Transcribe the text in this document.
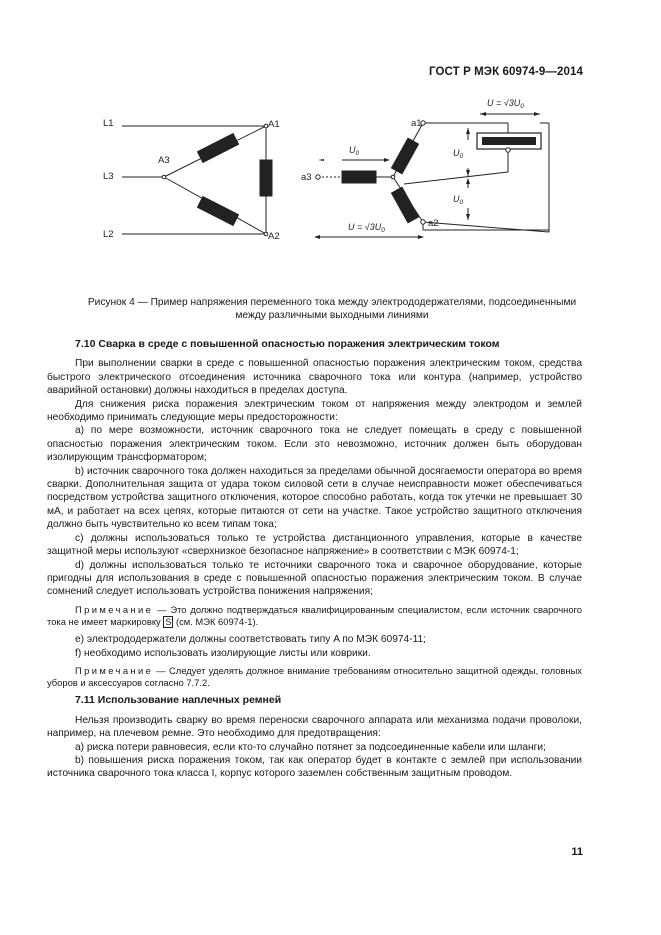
ГОСТ Р МЭК 60974-9—2014
L1
L3
L2
A1
A2
A3
a1
a2
a3
$U_0$	$U_0$
$U_0$
$U = √3U_0$
$U = √3U_0$
Рисунок 4 — Пример напряжения переменного тока между электрододержателями, подсоединенными
между различными выходными линиями
7.10 Сварка в среде с повышенной опасностью поражения электрическим током

При выполнении сварки в среде с повышенной опасностью поражения электрическим током, средства быстрого электрического отсоединения источника сварочного тока или контура (например, устройство аварийной остановки) должны находиться в пределах доступа.

Для снижения риска поражения электрическим током от напряжения между электродом и землей необходимо принимать следующие меры предосторожности:

a) по мере возможности, источник сварочного тока не следует помещать в среду с повышенной опасностью поражения электрическим током. Если это невозможно, источник должен быть оборудован изолирующим трансформатором;

b) источник сварочного тока должен находиться за пределами обычной досягаемости оператора во время сварки. Дополнительная защита от удара током силовой сети в случае неисправности может обеспечиваться посредством устройства защитного отключения, которое способно работать, когда ток утечки не превышает 30 мА, и работает на всех цепях, которые питаются от сети на участке. Такое устройство защитного отключения должно быть чувствительно ко всем типам тока;

c) должны использоваться только те устройства дистанционного управления, которые в качестве защитной меры используют «сверхнизкое безопасное напряжение» в соответствии с МЭК 60974-1;

d) должны использоваться только те источники сварочного тока и сварочное оборудование, которые пригодны для использования в среде с повышенной опасностью поражения электрическим током. В случае сомнений следует использовать устройства понижения напряжения;

Примечание — Это должно подтверждаться квалифицированным специалистом, если источник сварочного тока не имеет маркировку S (см. МЭК 60974-1).

e) электрододержатели должны соответствовать типу A по МЭК 60974-11;

f) необходимо использовать изолирующие листы или коврики.

Примечание — Следует уделять должное внимание требованиям относительно защитной одежды, головных уборов и аксессуаров согласно 7.7.2.

7.11 Использование наплечных ремней

Нельзя производить сварку во время переноски сварочного аппарата или механизма подачи проволоки, например, на плечевом ремне. Это необходимо для предотвращения:

a) риска потери равновесия, если кто-то случайно потянет за подсоединенные кабели или шланги;

b) повышения риска поражения током, так как оператор будет в контакте с землей при использовании источника сварочного тока класса I, корпус которого заземлен собственным защитным проводом.

11
